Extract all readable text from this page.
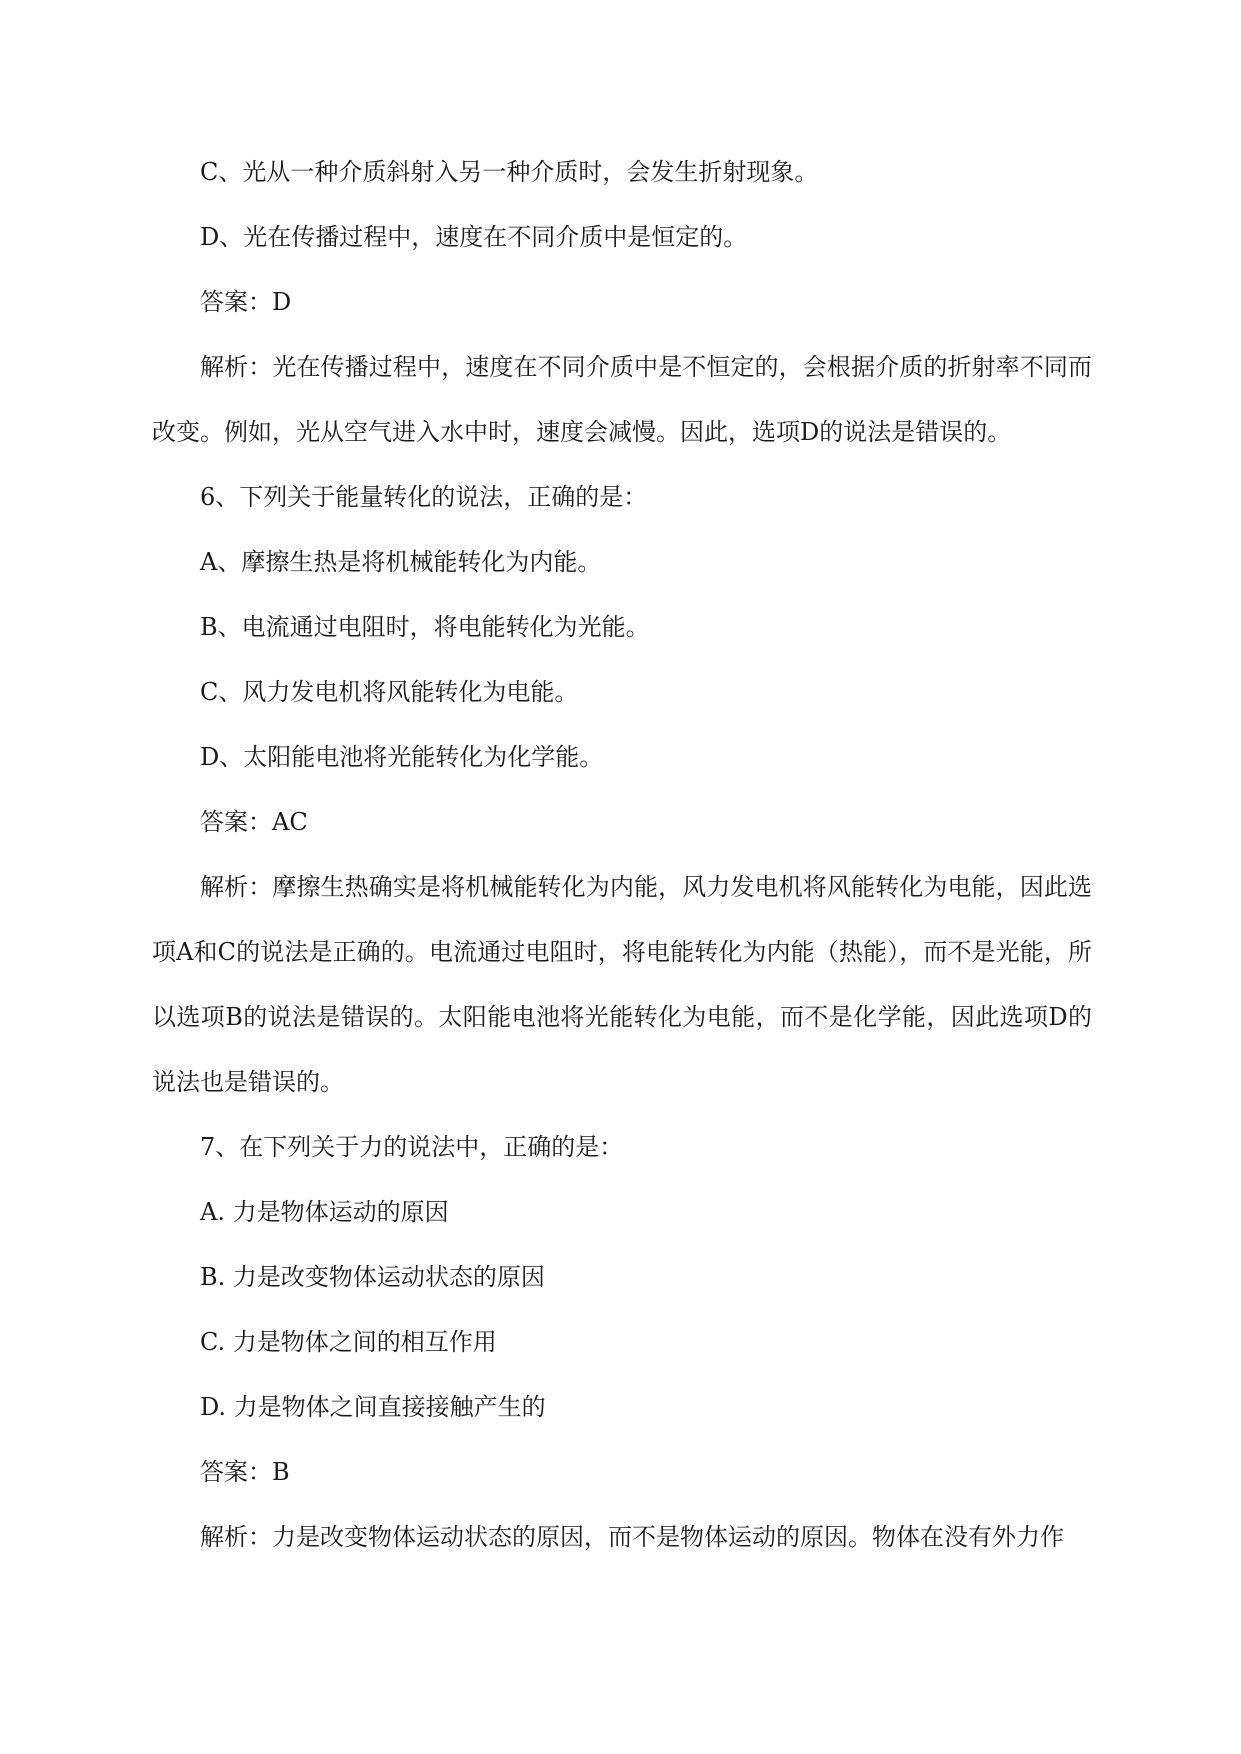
C、光从一种介质斜射入另一种介质时，会发生折射现象。

D、光在传播过程中，速度在不同介质中是恒定的。

答案：D

解析：光在传播过程中，速度在不同介质中是不恒定的，会根据介质的折射率不同而改变。例如，光从空气进入水中时，速度会减慢。因此，选项D的说法是错误的。

6、下列关于能量转化的说法，正确的是：

A、摩擦生热是将机械能转化为内能。

B、电流通过电阻时，将电能转化为光能。

C、风力发电机将风能转化为电能。

D、太阳能电池将光能转化为化学能。

答案：AC

解析：摩擦生热确实是将机械能转化为内能，风力发电机将风能转化为电能，因此选项A和C的说法是正确的。电流通过电阻时，将电能转化为内能（热能），而不是光能，所以选项B的说法是错误的。太阳能电池将光能转化为电能，而不是化学能，因此选项D的说法也是错误的。

7、在下列关于力的说法中，正确的是：

A. 力是物体运动的原因

B. 力是改变物体运动状态的原因

C. 力是物体之间的相互作用

D. 力是物体之间直接接触产生的

答案：B

解析：力是改变物体运动状态的原因，而不是物体运动的原因。物体在没有外力作
